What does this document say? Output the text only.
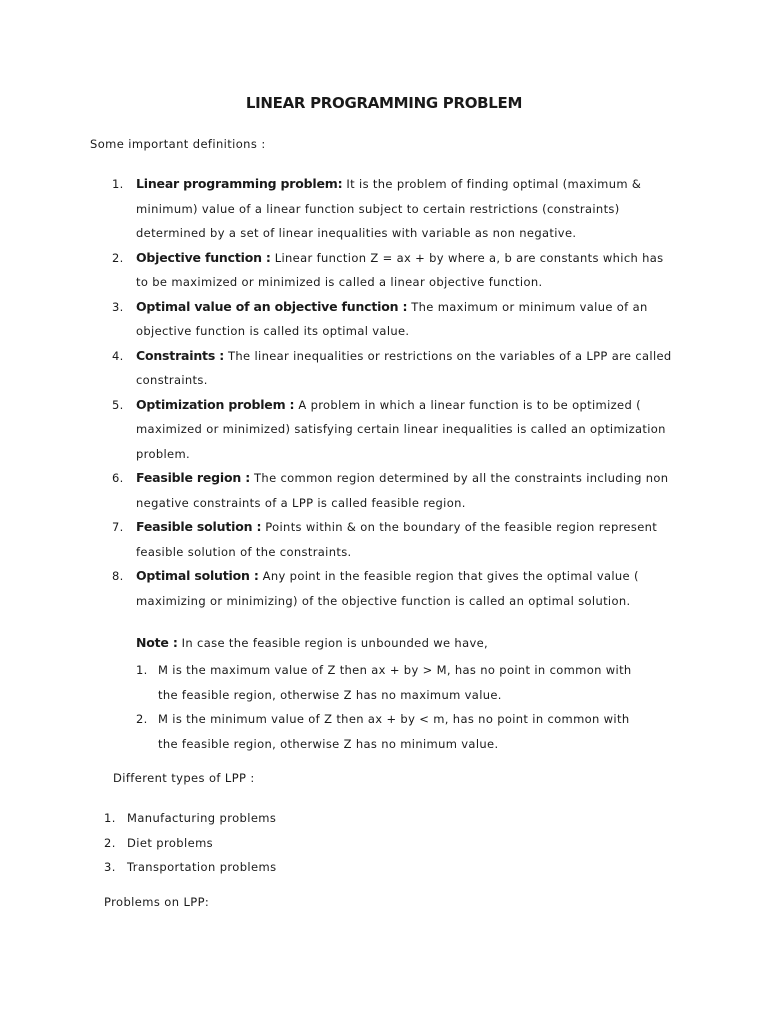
LINEAR PROGRAMMING PROBLEM
Some important definitions :
1. Linear programming problem: It is the problem of finding optimal (maximum & minimum) value of a linear function subject to certain restrictions (constraints) determined by a set of linear inequalities with variable as non negative.
2. Objective function : Linear function Z = ax + by where a, b are constants which has to be maximized or minimized is called a linear objective function.
3. Optimal value of an objective function : The maximum or minimum value of an objective function is called its optimal value.
4. Constraints : The linear inequalities or restrictions on the variables of a LPP are called constraints.
5. Optimization problem : A problem in which a linear function is to be optimized ( maximized or minimized) satisfying certain linear inequalities is called an optimization problem.
6. Feasible region : The common region determined by all the constraints including non negative constraints of a LPP is called feasible region.
7. Feasible solution : Points within & on the boundary of the feasible region represent feasible solution of the constraints.
8. Optimal solution : Any point in the feasible region that gives the optimal value ( maximizing or minimizing) of the objective function is called an optimal solution.
Note : In case the feasible region is unbounded we have,
1. M is the maximum value of Z then ax + by > M, has no point in common with the feasible region, otherwise Z has no maximum value.
2. M is the minimum value of Z then ax + by < m, has no point in common with the feasible region, otherwise Z has no minimum value.
Different types of LPP :
1. Manufacturing problems
2. Diet problems
3. Transportation problems
Problems on LPP:
